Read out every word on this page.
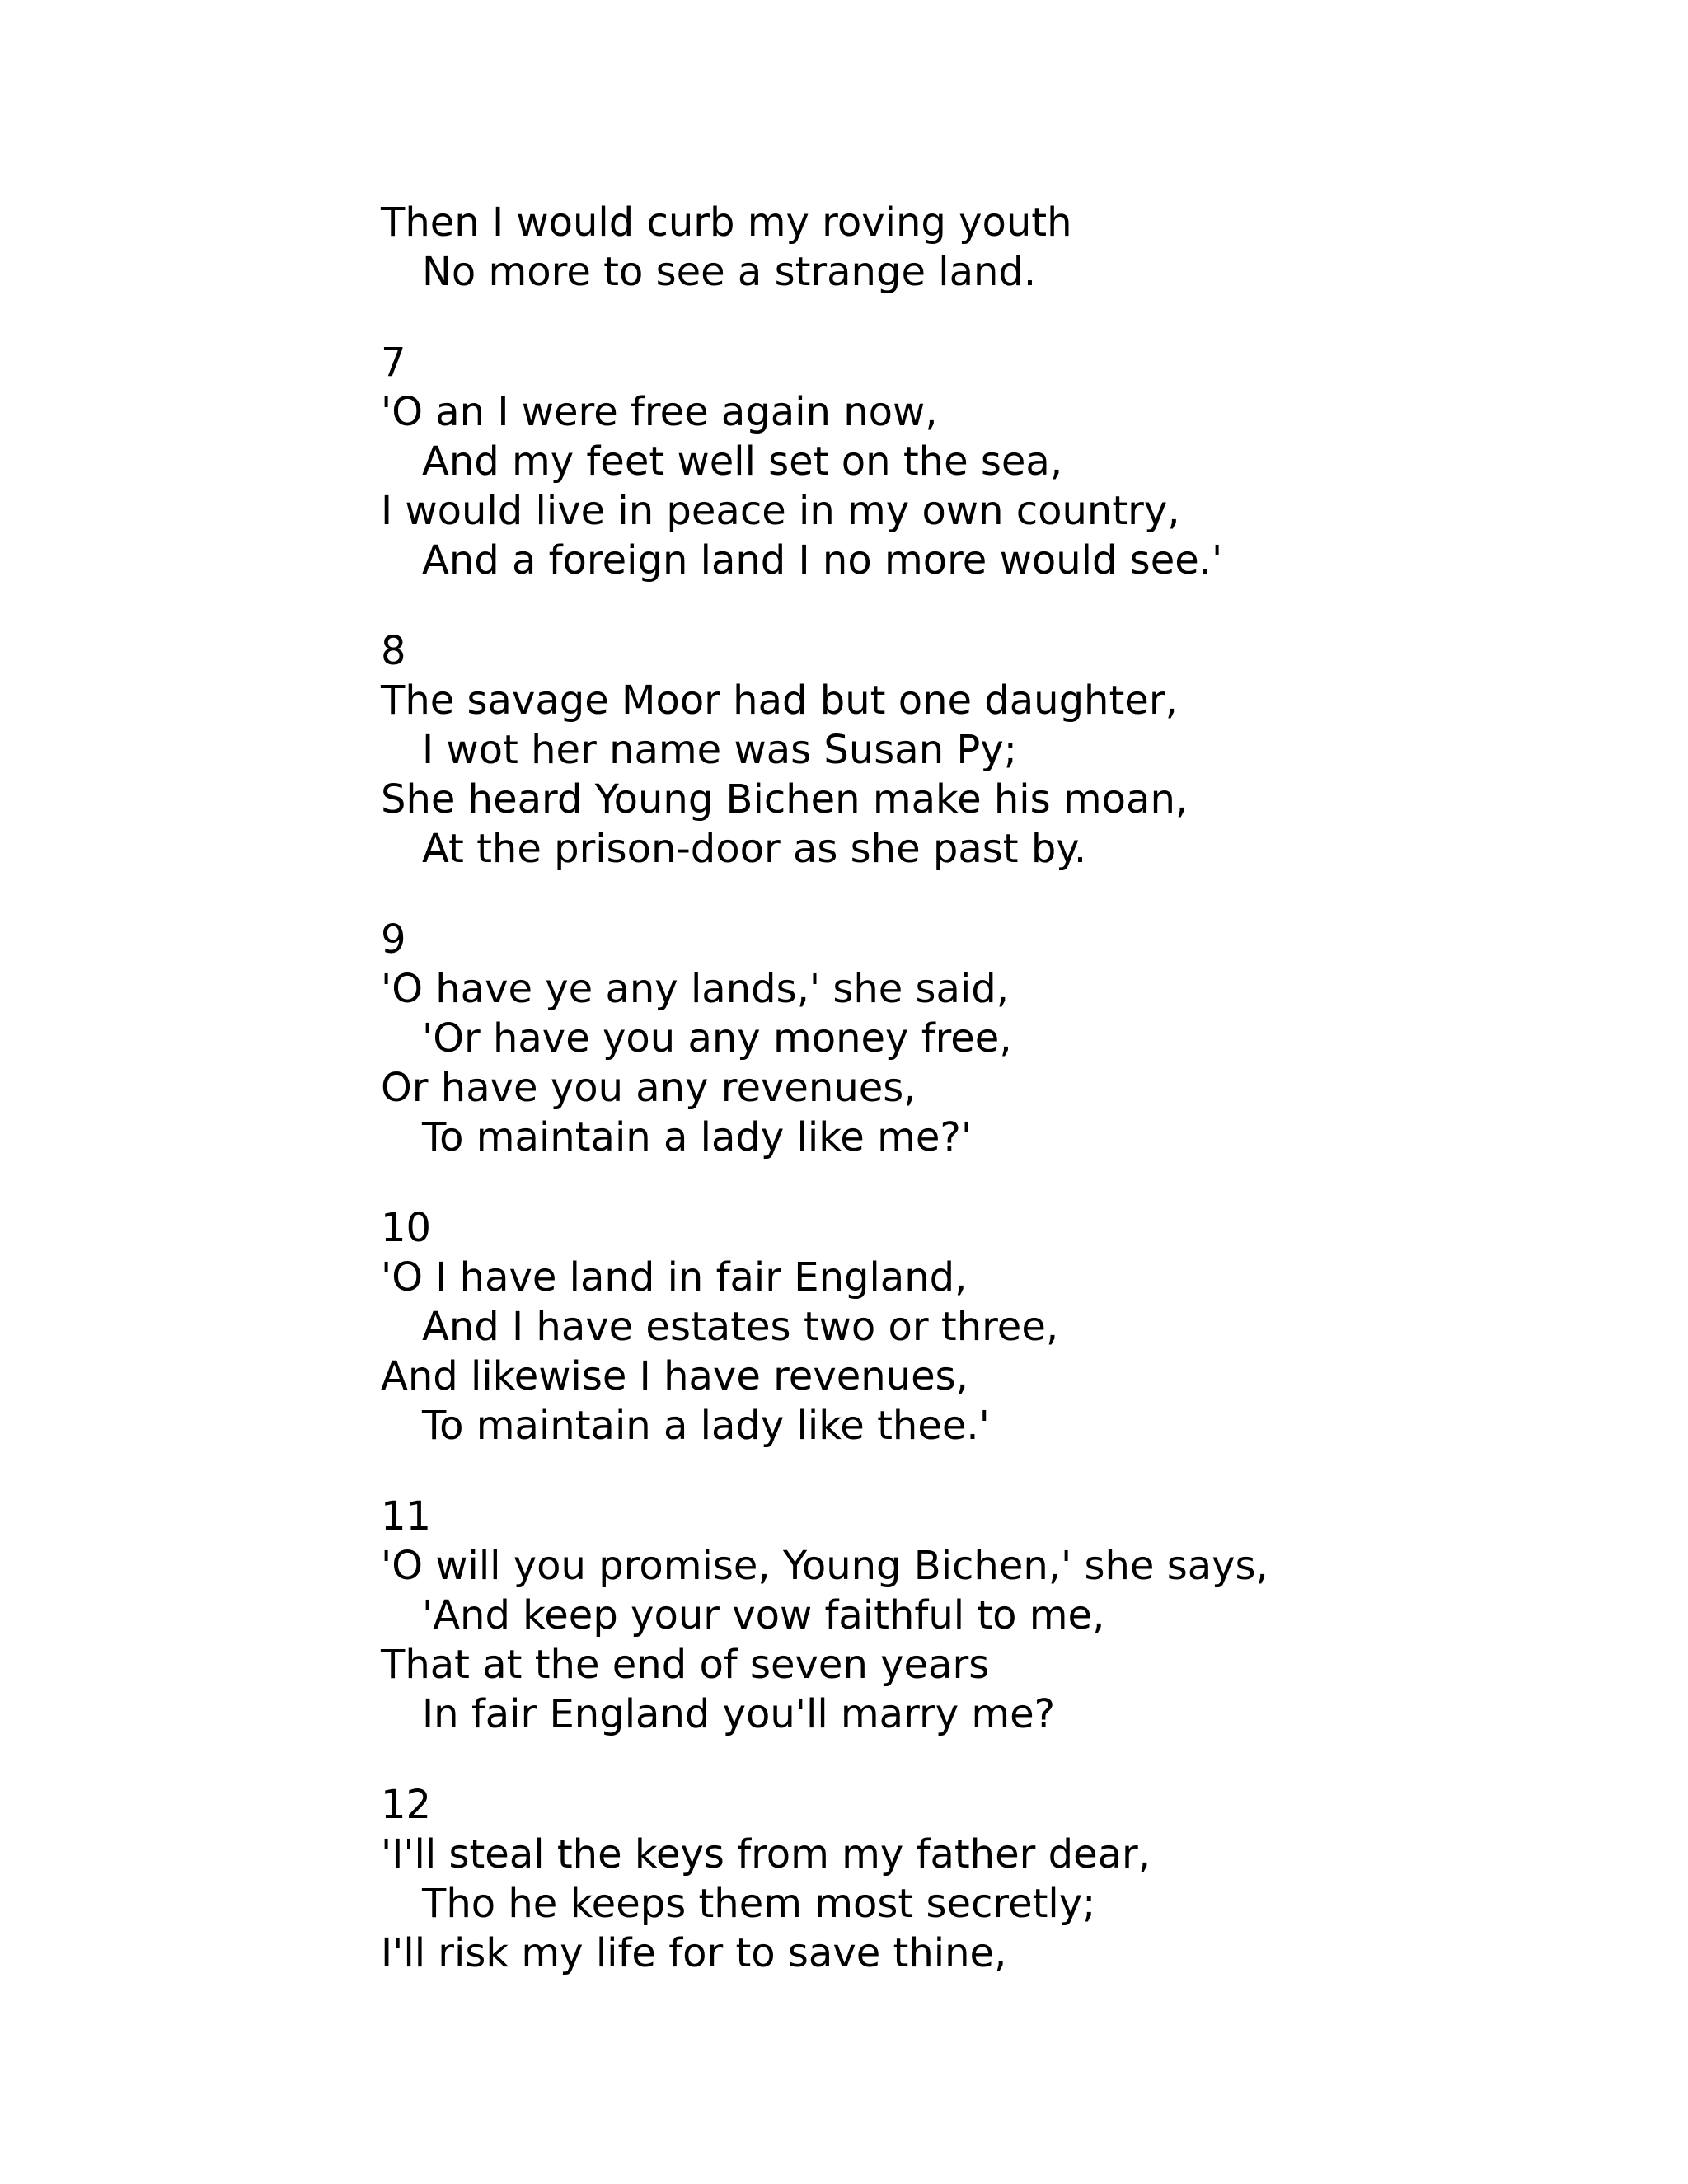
Then I would curb my roving youth
No more to see a strange land.
7
'O an I were free again now,
And my feet well set on the sea,
I would live in peace in my own country,
And a foreign land I no more would see.'
8
The savage Moor had but one daughter,
I wot her name was Susan Py;
She heard Young Bichen make his moan,
At the prison-door as she past by.
9
'O have ye any lands,' she said,
'Or have you any money free,
Or have you any revenues,
To maintain a lady like me?'
10
'O I have land in fair England,
And I have estates two or three,
And likewise I have revenues,
To maintain a lady like thee.'
11
'O will you promise, Young Bichen,' she says,
'And keep your vow faithful to me,
That at the end of seven years
In fair England you'll marry me?
12
'I'll steal the keys from my father dear,
Tho he keeps them most secretly;
I'll risk my life for to save thine,
